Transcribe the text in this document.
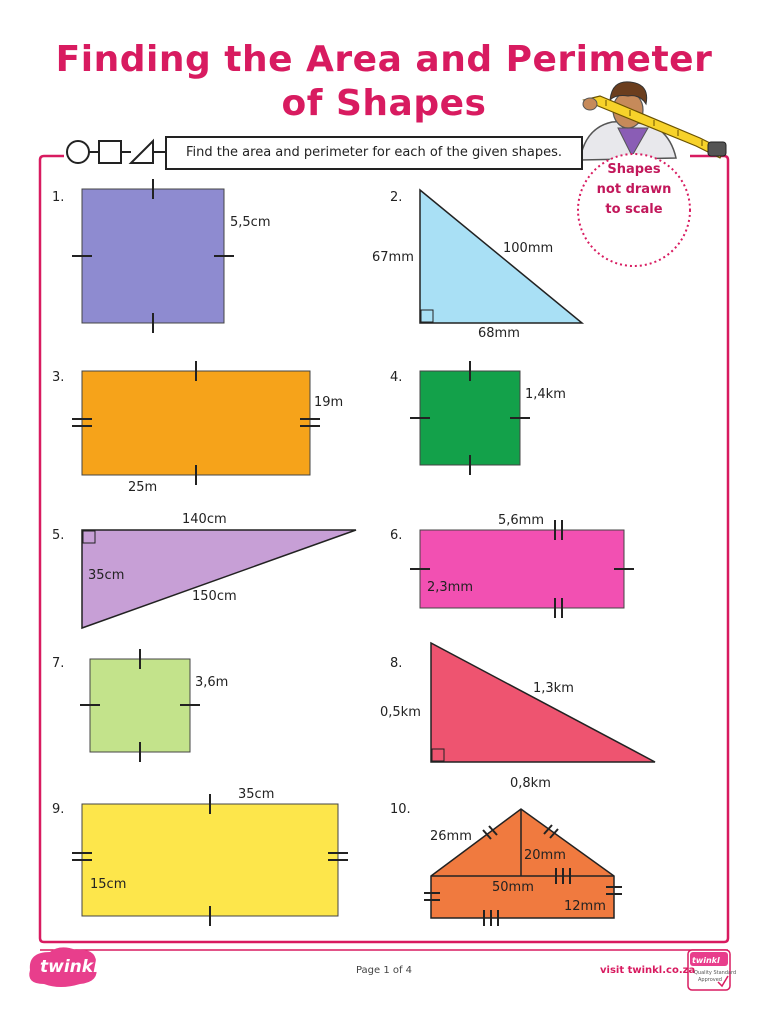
Finding the Area and Perimeter
of Shapes
Find the area and perimeter for each of the given shapes.
Shapes
not drawn
to scale
1.	2.
3.	4.
5.	6.
7.	8.
9.	10.
5,5cm
67mm
100mm
68mm
19m
25m
1,4km
140cm
35cm
150cm
5,6mm
2,3mm
3,6m	1,3km
0,5km
0,8km
35cm
15cm
26mm
20mm
50mm
12mm
twinkl	Page 1 of 4	visit twinkl.co.za
twinkl
Quality Standard
Approved
